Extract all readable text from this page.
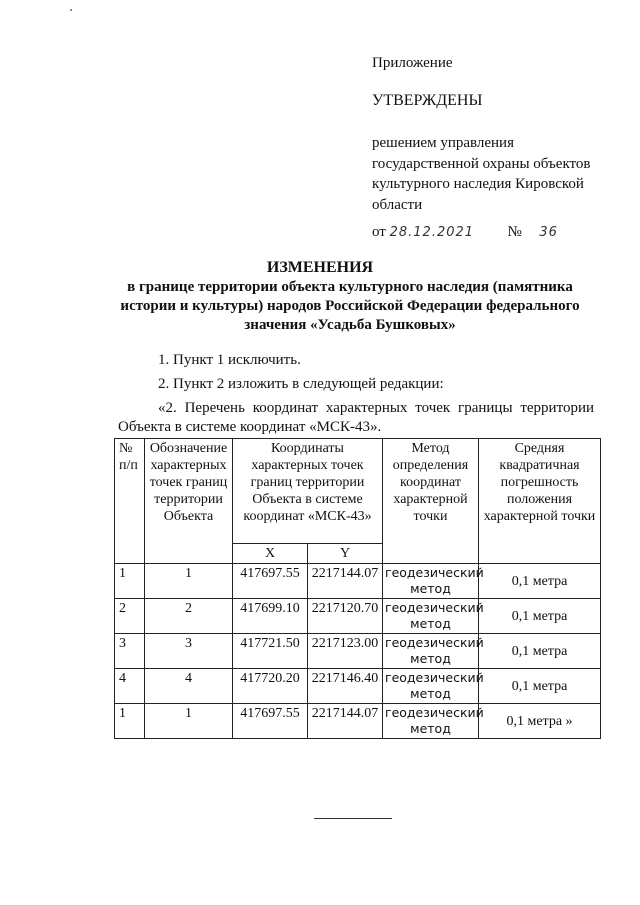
Приложение
УТВЕРЖДЕНЫ
решением управления государственной охраны объектов культурного наследия Кировской области
от 28.12.2021 № 36
ИЗМЕНЕНИЯ
в границе территории объекта культурного наследия (памятника истории и культуры) народов Российской Федерации федерального значения «Усадьба Бушковых»
1. Пункт 1 исключить.
2. Пункт 2 изложить в следующей редакции:
«2. Перечень координат характерных точек границы территории Объекта в системе координат «МСК-43».
№ п/п	Обозначение характерных точек границ территории Объекта	Координаты характерных точек границ территории Объекта в системе координат «МСК-43»		Метод определения координат характерной точки	Средняя квадратичная погрешность положения характерной точки
		X	Y		
1	1	417697.55	2217144.07	геодезический метод	0,1 метра
2	2	417699.10	2217120.70	геодезический метод	0,1 метра
3	3	417721.50	2217123.00	геодезический метод	0,1 метра
4	4	417720.20	2217146.40	геодезический метод	0,1 метра
1	1	417697.55	2217144.07	геодезический метод	0,1 метра »
